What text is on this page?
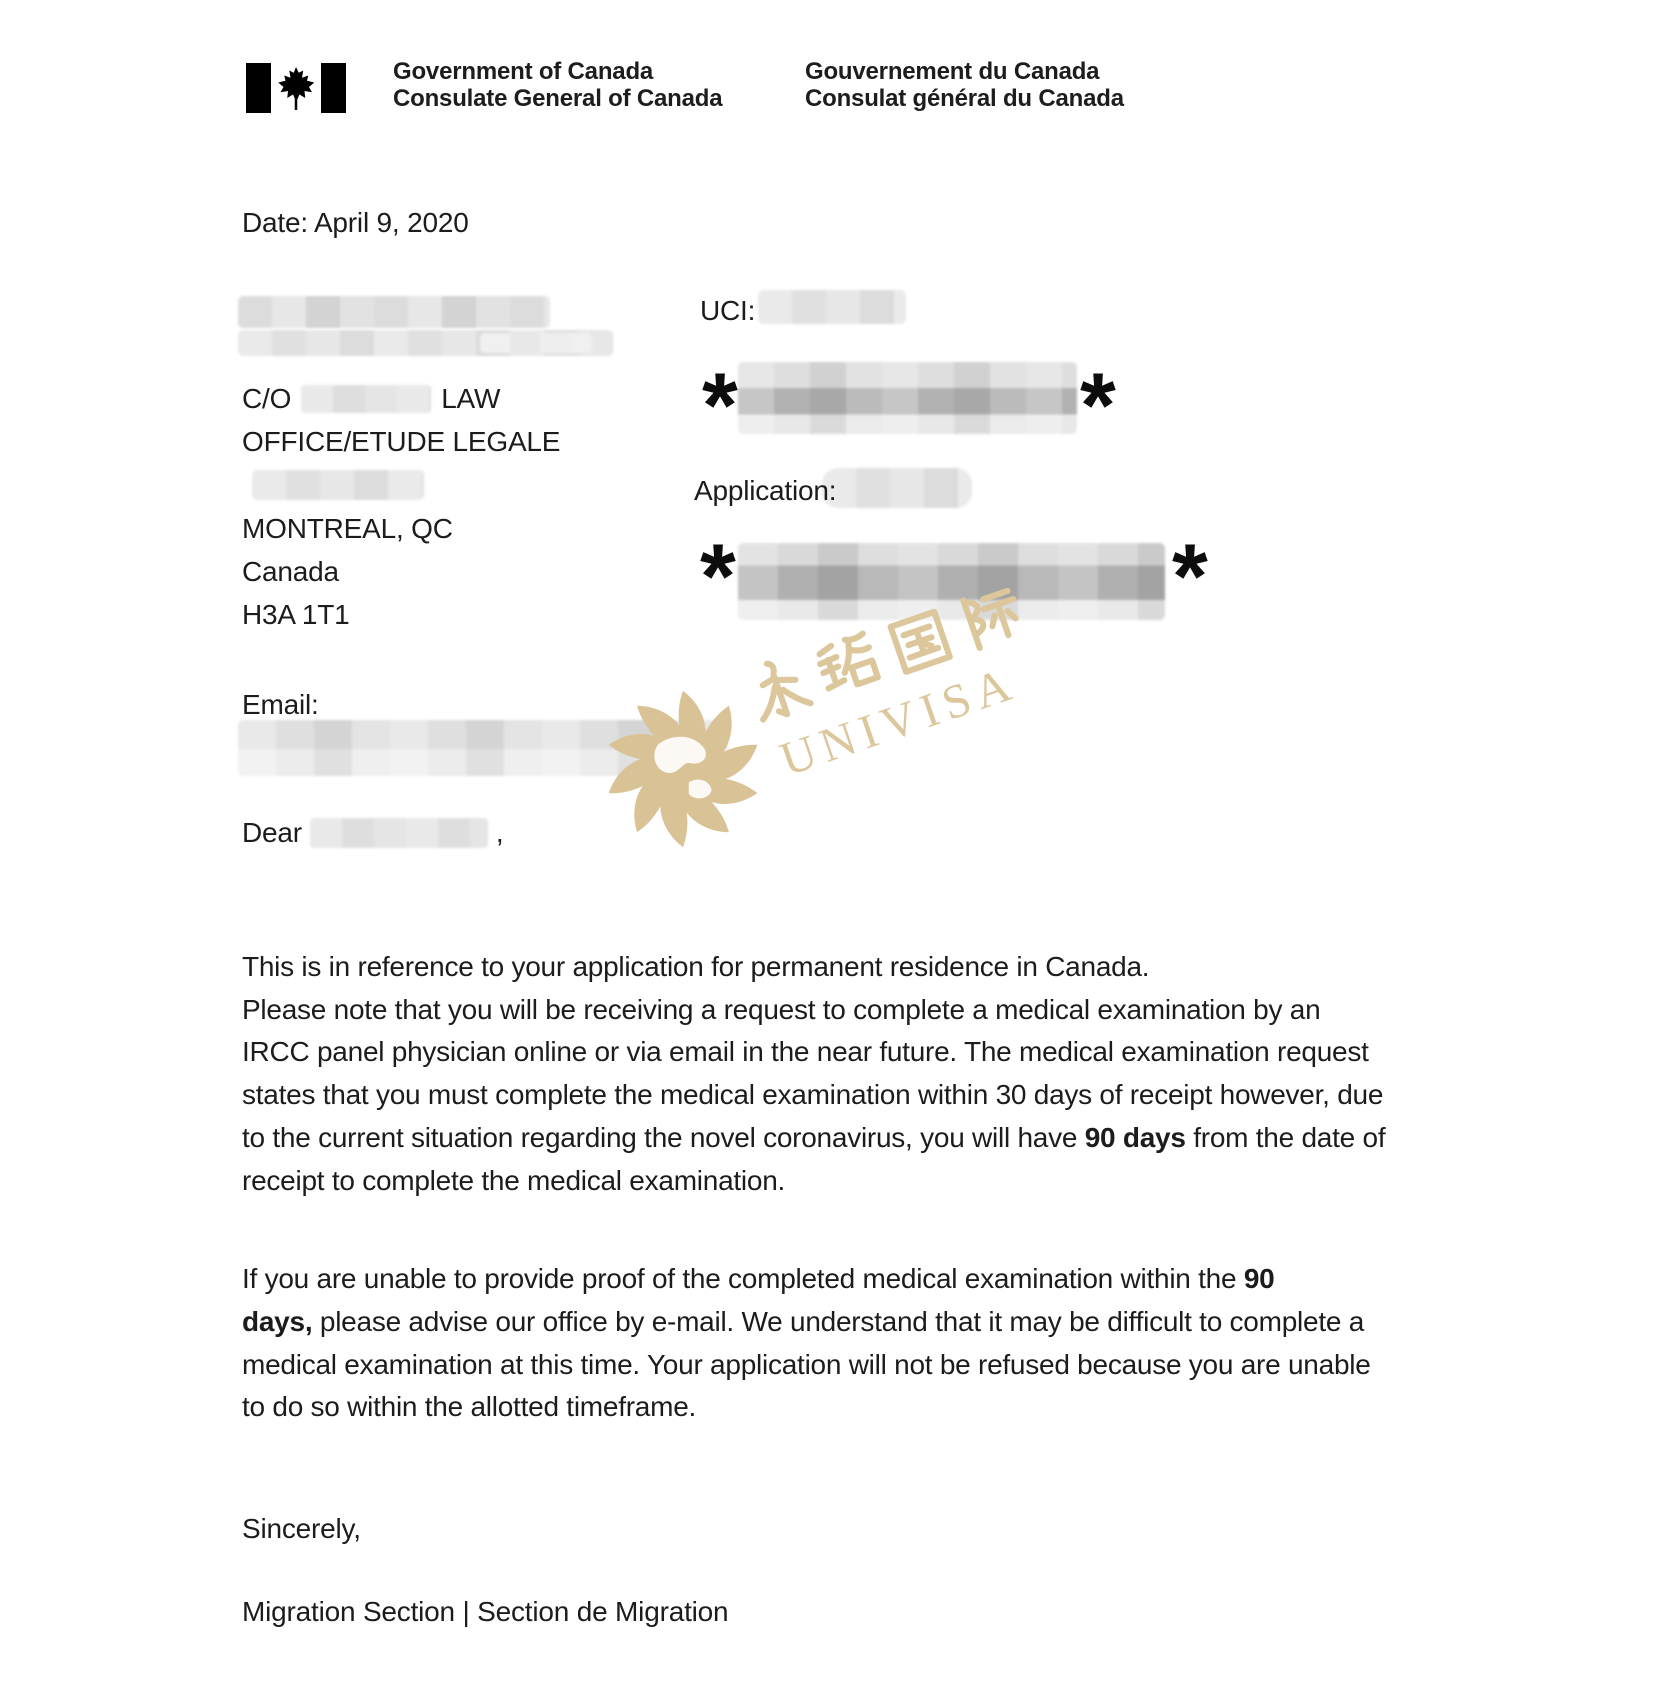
Government of Canada
Consulate General of Canada
Gouvernement du Canada
Consulat général du Canada
Date: April 9, 2020
C/O	LAW
OFFICE/ETUDE LEGALE
MONTREAL, QC
Canada
H3A 1T1
Email:
Dear	,
UCI:
Application:
*	*
*	*
UNIVISA
This is in reference to your application for permanent residence in Canada.
Please note that you will be receiving a request to complete a medical examination by an
IRCC panel physician online or via email in the near future. The medical examination request
states that you must complete the medical examination within 30 days of receipt however, due
to the current situation regarding the novel coronavirus, you will have 90 days from the date of
receipt to complete the medical examination.
If you are unable to provide proof of the completed medical examination within the 90
days, please advise our office by e-mail. We understand that it may be difficult to complete a
medical examination at this time. Your application will not be refused because you are unable
to do so within the allotted timeframe.
Sincerely,
Migration Section | Section de Migration
